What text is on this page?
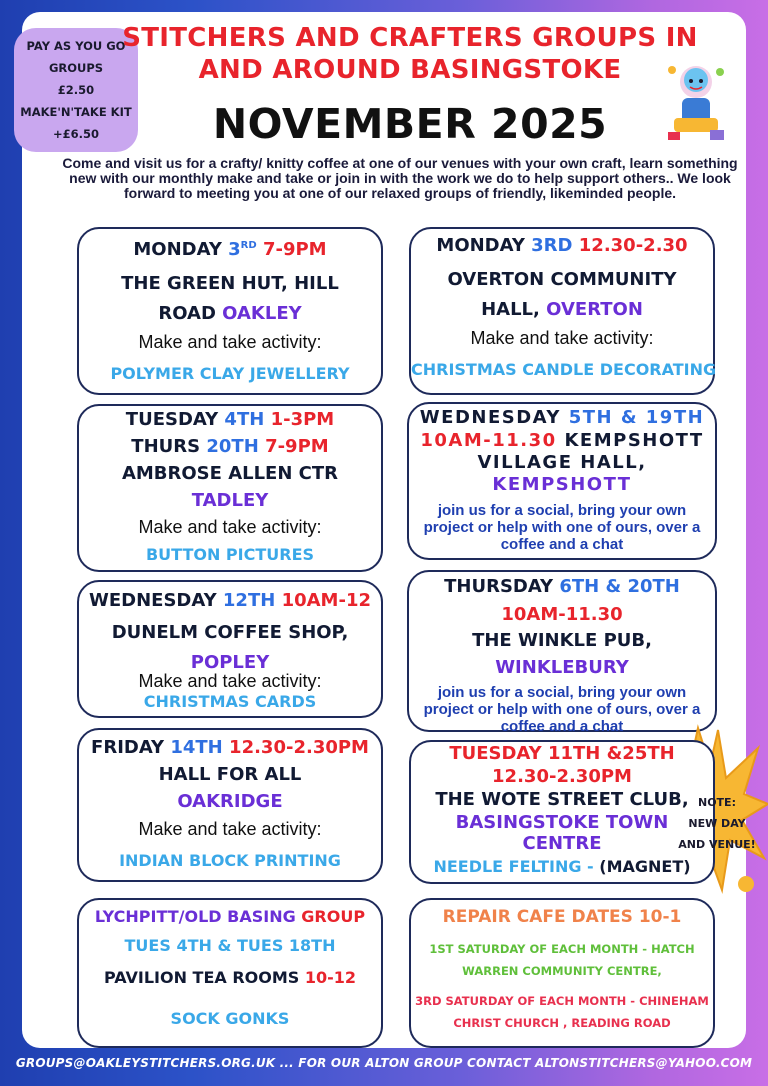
PAY AS YOU GO
GROUPS
£2.50
MAKE'N'TAKE KIT
+£6.50
STITCHERS AND CRAFTERS GROUPS IN
AND AROUND BASINGSTOKE
NOVEMBER 2025
Come and visit us for a crafty/ knitty coffee at one of our venues with your own craft, learn something new with our monthly make and take or join in with the work we do to help support others.. We look forward to meeting you at one of our relaxed groups of friendly, likeminded people.
MONDAY 3RD 7-9PM
THE GREEN HUT, HILL
ROAD OAKLEY
Make and take activity:
POLYMER CLAY JEWELLERY
MONDAY 3RD 12.30-2.30
OVERTON COMMUNITY
HALL, OVERTON
Make and take activity:
CHRISTMAS CANDLE DECORATING
TUESDAY 4TH 1-3PM
THURS 20TH 7-9PM
AMBROSE ALLEN CTR
TADLEY
Make and take activity:
BUTTON PICTURES
WEDNESDAY 5TH & 19TH
10AM-11.30 KEMPSHOTT
VILLAGE HALL,
KEMPSHOTT
join us for a social, bring your own project or help with one of ours, over a coffee and a chat
WEDNESDAY 12TH 10AM-12
DUNELM COFFEE SHOP,
POPLEY
Make and take activity:
CHRISTMAS CARDS
THURSDAY 6TH & 20TH
10AM-11.30
THE WINKLE PUB,
WINKLEBURY
join us for a social, bring your own project or help with one of ours, over a coffee and a chat
FRIDAY 14TH 12.30-2.30PM
HALL FOR ALL
OAKRIDGE
Make and take activity:
INDIAN BLOCK PRINTING
TUESDAY 11TH &25TH
12.30-2.30PM
THE WOTE STREET CLUB,
BASINGSTOKE TOWN
CENTRE
NEEDLE FELTING - (MAGNET)
NOTE:
NEW DAY
AND VENUE!
LYCHPITT/OLD BASING GROUP
TUES 4TH & TUES 18TH
PAVILION TEA ROOMS 10-12
SOCK GONKS
REPAIR CAFE DATES 10-1
1ST SATURDAY OF EACH MONTH - HATCH
WARREN COMMUNITY CENTRE,
3RD SATURDAY OF EACH MONTH - CHINEHAM
CHRIST CHURCH , READING ROAD
GROUPS@OAKLEYSTITCHERS.ORG.UK ... FOR OUR ALTON GROUP CONTACT ALTONSTITCHERS@YAHOO.COM
